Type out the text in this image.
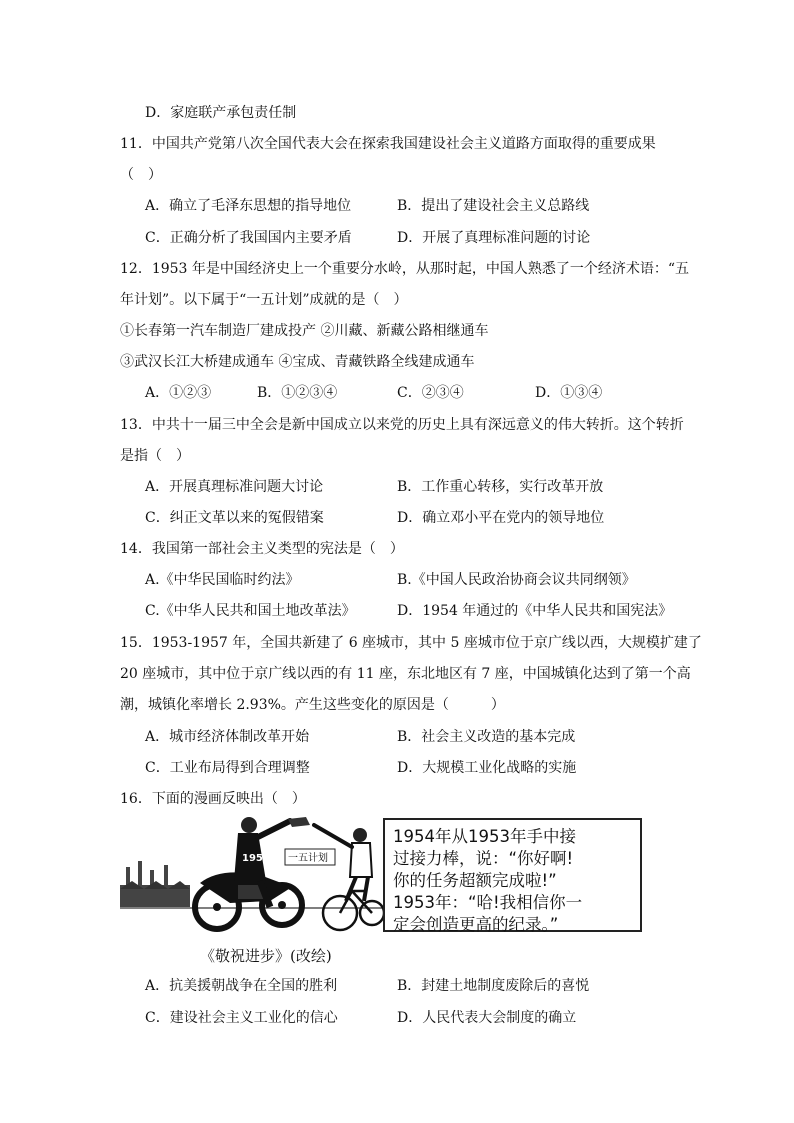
D．家庭联产承包责任制
11．中国共产党第八次全国代表大会在探索我国建设社会主义道路方面取得的重要成果
（　）
A．确立了毛泽东思想的指导地位	B．提出了建设社会主义总路线
C．正确分析了我国国内主要矛盾	D．开展了真理标准问题的讨论
12．1953 年是中国经济史上一个重要分水岭，从那时起，中国人熟悉了一个经济术语：“五
年计划”。以下属于“一五计划”成就的是（　）
①长春第一汽车制造厂建成投产 ②川藏、新藏公路相继通车
③武汉长江大桥建成通车 ④宝成、青藏铁路全线建成通车
A．①②③	B．①②③④	C．②③④	D．①③④
13．中共十一届三中全会是新中国成立以来党的历史上具有深远意义的伟大转折。这个转折
是指（　）
A．开展真理标准问题大讨论	B．工作重心转移，实行改革开放
C．纠正文革以来的冤假错案	D．确立邓小平在党内的领导地位
14．我国第一部社会主义类型的宪法是（　）
A.《中华民国临时约法》	B.《中国人民政治协商会议共同纲领》
C.《中华人民共和国土地改革法》	D．1954 年通过的《中华人民共和国宪法》
15．1953-1957 年，全国共新建了 6 座城市，其中 5 座城市位于京广线以西，大规模扩建了
20 座城市，其中位于京广线以西的有 11 座，东北地区有 7 座，中国城镇化达到了第一个高
潮，城镇化率增长 2.93%。产生这些变化的原因是（　　　）
A．城市经济体制改革开始	B．社会主义改造的基本完成
C．工业布局得到合理调整	D．大规模工业化战略的实施
16．下面的漫画反映出（　）
1954 一五计划
1954年从1953年手中接
过接力棒，说：“你好啊!
你的任务超额完成啦!”
1953年：“哈!我相信你一
定会创造更高的纪录。”
《敬祝进步》(改绘)
A．抗美援朝战争在全国的胜利	B．封建土地制度废除后的喜悦
C．建设社会主义工业化的信心	D．人民代表大会制度的确立
